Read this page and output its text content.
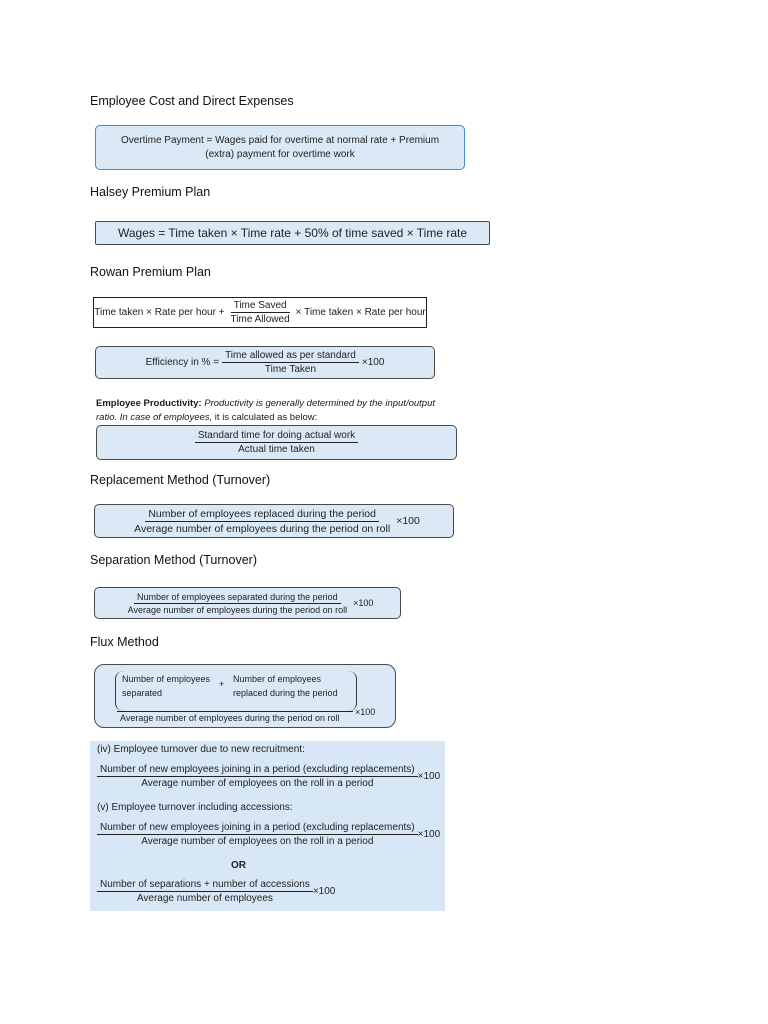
Employee Cost and Direct Expenses
Overtime Payment = Wages paid for overtime at normal rate + Premium
(extra) payment for overtime work
Halsey Premium Plan
Wages = Time taken × Time rate + 50% of time saved × Time rate
Rowan Premium Plan
Time taken × Rate per hour + $\frac{\text{Time Saved}}{\text{Time Allowed}}$ × Time taken × Rate per hour
Efficiency in % = $\frac{\text{Time allowed as per standard}}{\text{Time Taken}} \times 100$
Employee Productivity: Productivity is generally determined by the input/output
ratio. In case of employees, it is calculated as below:
$\frac{\text{Standard time for doing actual work}}{\text{Actual time taken}}$
Replacement Method (Turnover)
$\frac{\text{Number of employees replaced during the period}}{\text{Average number of employees during the period on roll}} \times 100$
Separation Method (Turnover)
$\frac{\text{Number of employees separated during the period}}{\text{Average number of employees during the period on roll}} \times 100$
Flux Method
Number of employees
separated
+ Number of employees
replaced during the period
Average number of employees during the period on roll
×100
(iv) Employee turnover due to new recruitment:
Number of new employees joining in a period (excluding replacements)
Average number of employees on the roll in a period
×100
(v) Employee turnover including accessions:
Number of new employees joining in a period (excluding replacements)
Average number of employees on the roll in a period
×100
OR
$\frac{\text{Number of separations + number of accessions}}{\text{Average number of employees}} \times 100$
